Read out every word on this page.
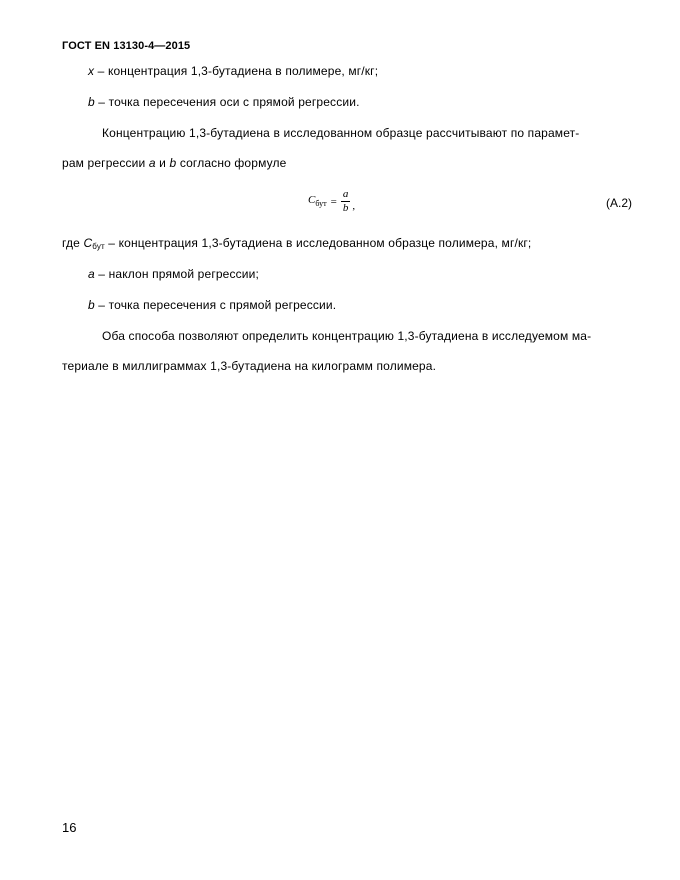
ГОСТ EN 13130-4—2015
x – концентрация 1,3-бутадиена в полимере, мг/кг;
b – точка пересечения оси с прямой регрессии.
Концентрацию 1,3-бутадиена в исследованном образце рассчитывают по парамет-
рам регрессии a и b согласно формуле
$C_{бут} = \frac{a}{b}$ ,	(А.2)
где Cбут – концентрация 1,3-бутадиена в исследованном образце полимера, мг/кг;
a – наклон прямой регрессии;
b – точка пересечения с прямой регрессии.
Оба способа позволяют определить концентрацию 1,3-бутадиена в исследуемом ма-
териале в миллиграммах 1,3-бутадиена на килограмм полимера.
16
